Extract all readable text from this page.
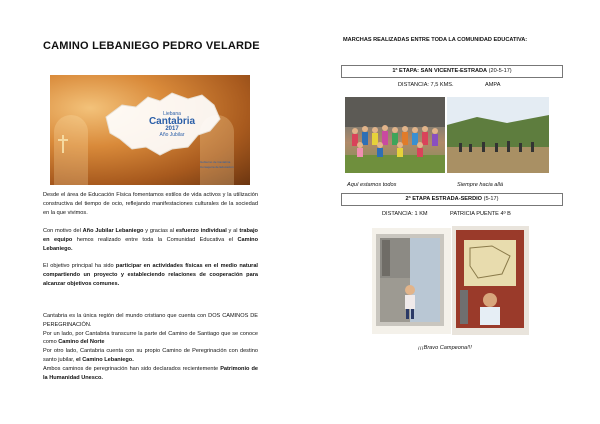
CAMINO LEBANIEGO PEDRO VELARDE
Liebana
Cantabria
2017
Año Jubilar
Gobierno de Cantabria
Consejería de Educación
Desde el área de Educación Física fomentamos estilos de vida activos y la utilización constructiva del tiempo de ocio, reflejando manifestaciones culturales de la sociedad en la que vivimos.
Con motivo del Año Jubilar Lebaniego y gracias al esfuerzo individual y al trabajo en equipo hemos realizado entre toda la Comunidad Educativa el Camino Lebaniego.
El objetivo principal ha sido participar en actividades físicas en el medio natural compartiendo un proyecto y estableciendo relaciones de cooperación para alcanzar objetivos comunes.
Cantabria es la única región del mundo cristiano que cuenta con DOS CAMINOS DE PEREGRINACIÓN.
Por un lado, por Cantabria transcurre la parte del Camino de Santiago que se conoce como Camino del Norte
Por otro lado, Cantabria cuenta con su propio Camino de Peregrinación con destino santo jubilar, el Camino Lebaniego.
Ambos caminos de peregrinación han sido declarados recientemente Patrimonio de la Humanidad Unesco.
MARCHAS REALIZADAS ENTRE TODA LA COMUNIDAD EDUCATIVA:
1ª ETAPA: SAN VICENTE-ESTRADA (20-5-17)
DISTANCIA: 7,5 KMS.	AMPA
Aquí estamos todos	Siempre hacia allá
2ª ETAPA ESTRADA-SERDIO (5-17)
DISTANCIA: 1 KM	PATRICIA PUENTE 4º B
¡¡¡Bravo Campeona!!!
